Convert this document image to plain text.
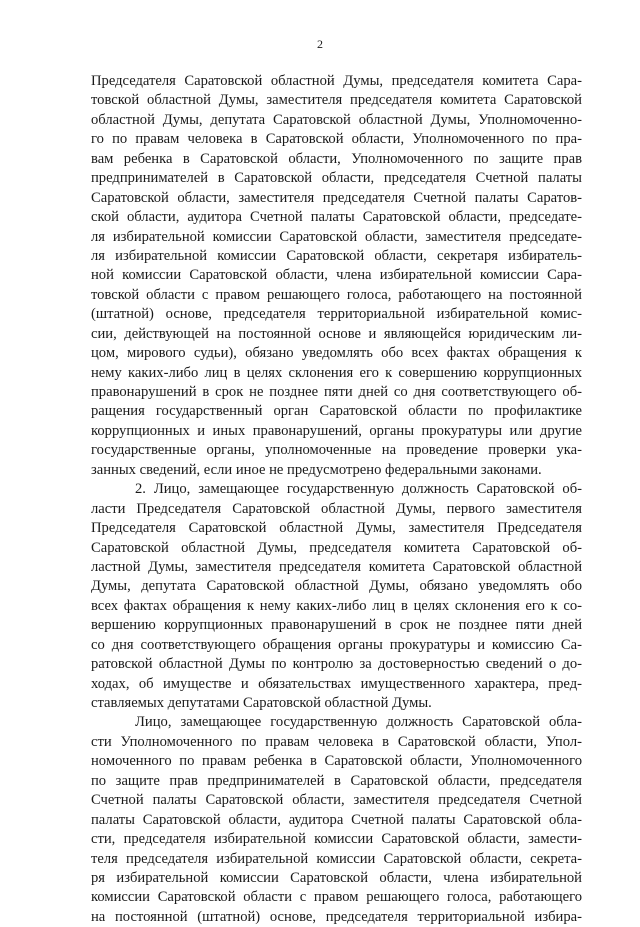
2
Председателя Саратовской областной Думы, председателя комитета Сара-
товской областной Думы, заместителя председателя комитета Саратовской
областной Думы, депутата Саратовской областной Думы, Уполномоченно-
го по правам человека в Саратовской области, Уполномоченного по пра-
вам ребенка в Саратовской области, Уполномоченного по защите прав
предпринимателей в Саратовской области, председателя Счетной палаты
Саратовской области, заместителя председателя Счетной палаты Саратов-
ской области, аудитора Счетной палаты Саратовской области, председате-
ля избирательной комиссии Саратовской области, заместителя председате-
ля избирательной комиссии Саратовской области, секретаря избиратель-
ной комиссии Саратовской области, члена избирательной комиссии Сара-
товской области с правом решающего голоса, работающего на постоянной
(штатной) основе, председателя территориальной избирательной комис-
сии, действующей на постоянной основе и являющейся юридическим ли-
цом, мирового судьи), обязано уведомлять обо всех фактах обращения к
нему каких-либо лиц в целях склонения его к совершению коррупционных
правонарушений в срок не позднее пяти дней со дня соответствующего об-
ращения государственный орган Саратовской области по профилактике
коррупционных и иных правонарушений, органы прокуратуры или другие
государственные органы, уполномоченные на проведение проверки ука-
занных сведений, если иное не предусмотрено федеральными законами.
2. Лицо, замещающее государственную должность Саратовской об-
ласти Председателя Саратовской областной Думы, первого заместителя
Председателя Саратовской областной Думы, заместителя Председателя
Саратовской областной Думы, председателя комитета Саратовской об-
ластной Думы, заместителя председателя комитета Саратовской областной
Думы, депутата Саратовской областной Думы, обязано уведомлять обо
всех фактах обращения к нему каких-либо лиц в целях склонения его к со-
вершению коррупционных правонарушений в срок не позднее пяти дней
со дня соответствующего обращения органы прокуратуры и комиссию Са-
ратовской областной Думы по контролю за достоверностью сведений о до-
ходах, об имуществе и обязательствах имущественного характера, пред-
ставляемых депутатами Саратовской областной Думы.
Лицо, замещающее государственную должность Саратовской обла-
сти Уполномоченного по правам человека в Саратовской области, Упол-
номоченного по правам ребенка в Саратовской области, Уполномоченного
по защите прав предпринимателей в Саратовской области, председателя
Счетной палаты Саратовской области, заместителя председателя Счетной
палаты Саратовской области, аудитора Счетной палаты Саратовской обла-
сти, председателя избирательной комиссии Саратовской области, замести-
теля председателя избирательной комиссии Саратовской области, секрета-
ря избирательной комиссии Саратовской области, члена избирательной
комиссии Саратовской области с правом решающего голоса, работающего
на постоянной (штатной) основе, председателя территориальной избира-
